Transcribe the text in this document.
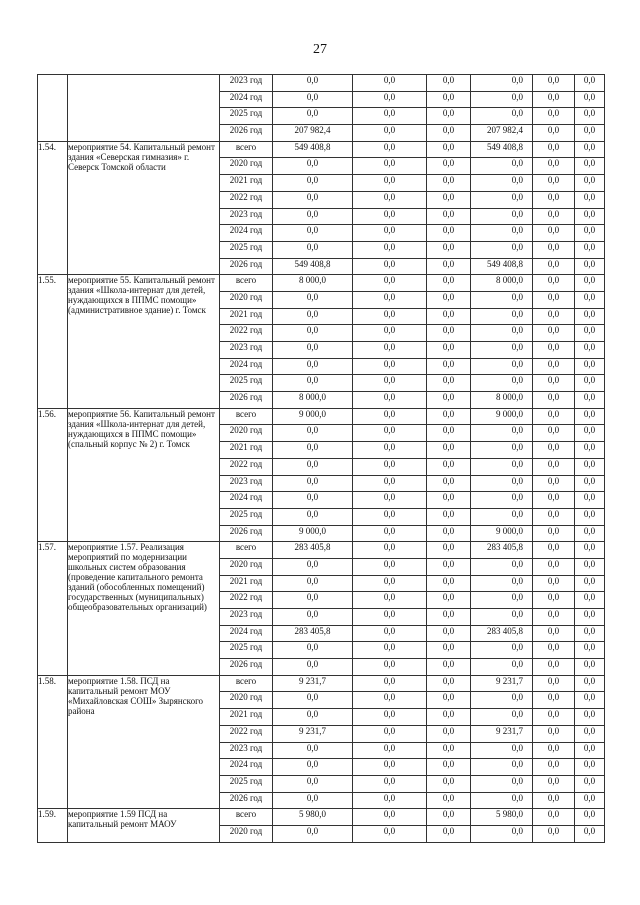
27
		2023 год	0,0	0,0	0,0	0,0	0,0	0,0
		2024 год	0,0	0,0	0,0	0,0	0,0	0,0
		2025 год	0,0	0,0	0,0	0,0	0,0	0,0
		2026 год	207 982,4	0,0	0,0	207 982,4	0,0	0,0
1.54.	мероприятие 54. Капитальный ремонт здания «Северская гимназия» г. Северск Томской области	всего	549 408,8	0,0	0,0	549 408,8	0,0	0,0
		2020 год	0,0	0,0	0,0	0,0	0,0	0,0
		2021 год	0,0	0,0	0,0	0,0	0,0	0,0
		2022 год	0,0	0,0	0,0	0,0	0,0	0,0
		2023 год	0,0	0,0	0,0	0,0	0,0	0,0
		2024 год	0,0	0,0	0,0	0,0	0,0	0,0
		2025 год	0,0	0,0	0,0	0,0	0,0	0,0
		2026 год	549 408,8	0,0	0,0	549 408,8	0,0	0,0
1.55.	мероприятие 55. Капитальный ремонт здания «Школа-интернат для детей, нуждающихся в ППМС помощи» (административное здание) г. Томск	всего	8 000,0	0,0	0,0	8 000,0	0,0	0,0
		2020 год	0,0	0,0	0,0	0,0	0,0	0,0
		2021 год	0,0	0,0	0,0	0,0	0,0	0,0
		2022 год	0,0	0,0	0,0	0,0	0,0	0,0
		2023 год	0,0	0,0	0,0	0,0	0,0	0,0
		2024 год	0,0	0,0	0,0	0,0	0,0	0,0
		2025 год	0,0	0,0	0,0	0,0	0,0	0,0
		2026 год	8 000,0	0,0	0,0	8 000,0	0,0	0,0
1.56.	мероприятие 56. Капитальный ремонт здания «Школа-интернат для детей, нуждающихся в ППМС помощи» (спальный корпус № 2) г. Томск	всего	9 000,0	0,0	0,0	9 000,0	0,0	0,0
		2020 год	0,0	0,0	0,0	0,0	0,0	0,0
		2021 год	0,0	0,0	0,0	0,0	0,0	0,0
		2022 год	0,0	0,0	0,0	0,0	0,0	0,0
		2023 год	0,0	0,0	0,0	0,0	0,0	0,0
		2024 год	0,0	0,0	0,0	0,0	0,0	0,0
		2025 год	0,0	0,0	0,0	0,0	0,0	0,0
		2026 год	9 000,0	0,0	0,0	9 000,0	0,0	0,0
1.57.	мероприятие 1.57. Реализация мероприятий по модернизации школьных систем образования (проведение капитального ремонта зданий (обособленных помещений) государственных (муниципальных) общеобразовательных организаций)	всего	283 405,8	0,0	0,0	283 405,8	0,0	0,0
		2020 год	0,0	0,0	0,0	0,0	0,0	0,0
		2021 год	0,0	0,0	0,0	0,0	0,0	0,0
		2022 год	0,0	0,0	0,0	0,0	0,0	0,0
		2023 год	0,0	0,0	0,0	0,0	0,0	0,0
		2024 год	283 405,8	0,0	0,0	283 405,8	0,0	0,0
		2025 год	0,0	0,0	0,0	0,0	0,0	0,0
		2026 год	0,0	0,0	0,0	0,0	0,0	0,0
1.58.	мероприятие 1.58. ПСД на капитальный ремонт МОУ «Михайловская СОШ» Зырянского района	всего	9 231,7	0,0	0,0	9 231,7	0,0	0,0
		2020 год	0,0	0,0	0,0	0,0	0,0	0,0
		2021 год	0,0	0,0	0,0	0,0	0,0	0,0
		2022 год	9 231,7	0,0	0,0	9 231,7	0,0	0,0
		2023 год	0,0	0,0	0,0	0,0	0,0	0,0
		2024 год	0,0	0,0	0,0	0,0	0,0	0,0
		2025 год	0,0	0,0	0,0	0,0	0,0	0,0
		2026 год	0,0	0,0	0,0	0,0	0,0	0,0
1.59.	мероприятие 1.59 ПСД на капитальный ремонт МАОУ	всего	5 980,0	0,0	0,0	5 980,0	0,0	0,0
		2020 год	0,0	0,0	0,0	0,0	0,0	0,0
